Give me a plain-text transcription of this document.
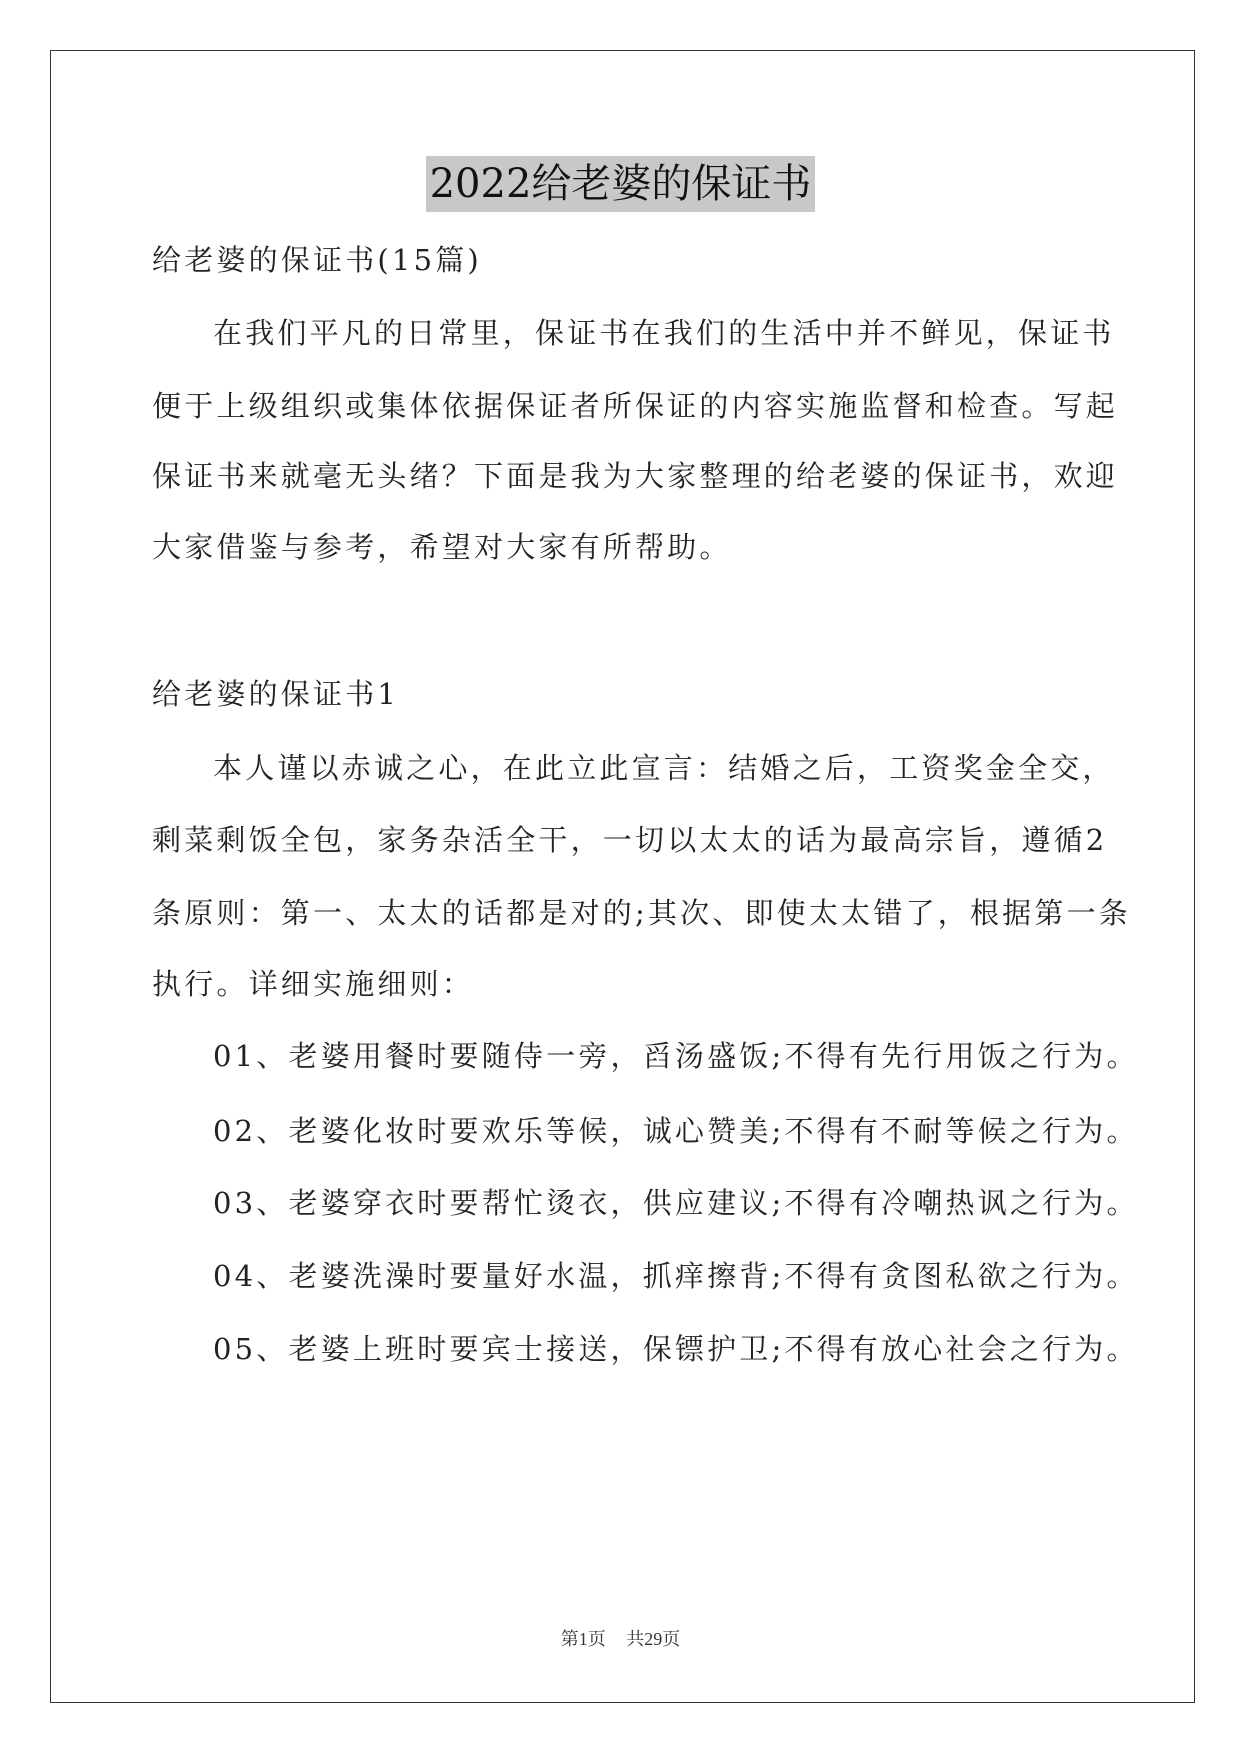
2022给老婆的保证书
给老婆的保证书(15篇)
在我们平凡的日常里，保证书在我们的生活中并不鲜见，保证书
便于上级组织或集体依据保证者所保证的内容实施监督和检查。写起
保证书来就毫无头绪？下面是我为大家整理的给老婆的保证书，欢迎
大家借鉴与参考，希望对大家有所帮助。
给老婆的保证书1
本人谨以赤诚之心，在此立此宣言：结婚之后，工资奖金全交，
剩菜剩饭全包，家务杂活全干，一切以太太的话为最高宗旨，遵循2
条原则：第一、太太的话都是对的;其次、即使太太错了，根据第一条
执行。详细实施细则：
01、老婆用餐时要随侍一旁，舀汤盛饭;不得有先行用饭之行为。
02、老婆化妆时要欢乐等候，诚心赞美;不得有不耐等候之行为。
03、老婆穿衣时要帮忙烫衣，供应建议;不得有冷嘲热讽之行为。
04、老婆洗澡时要量好水温，抓痒擦背;不得有贪图私欲之行为。
05、老婆上班时要宾士接送，保镖护卫;不得有放心社会之行为。
第1页 共29页
